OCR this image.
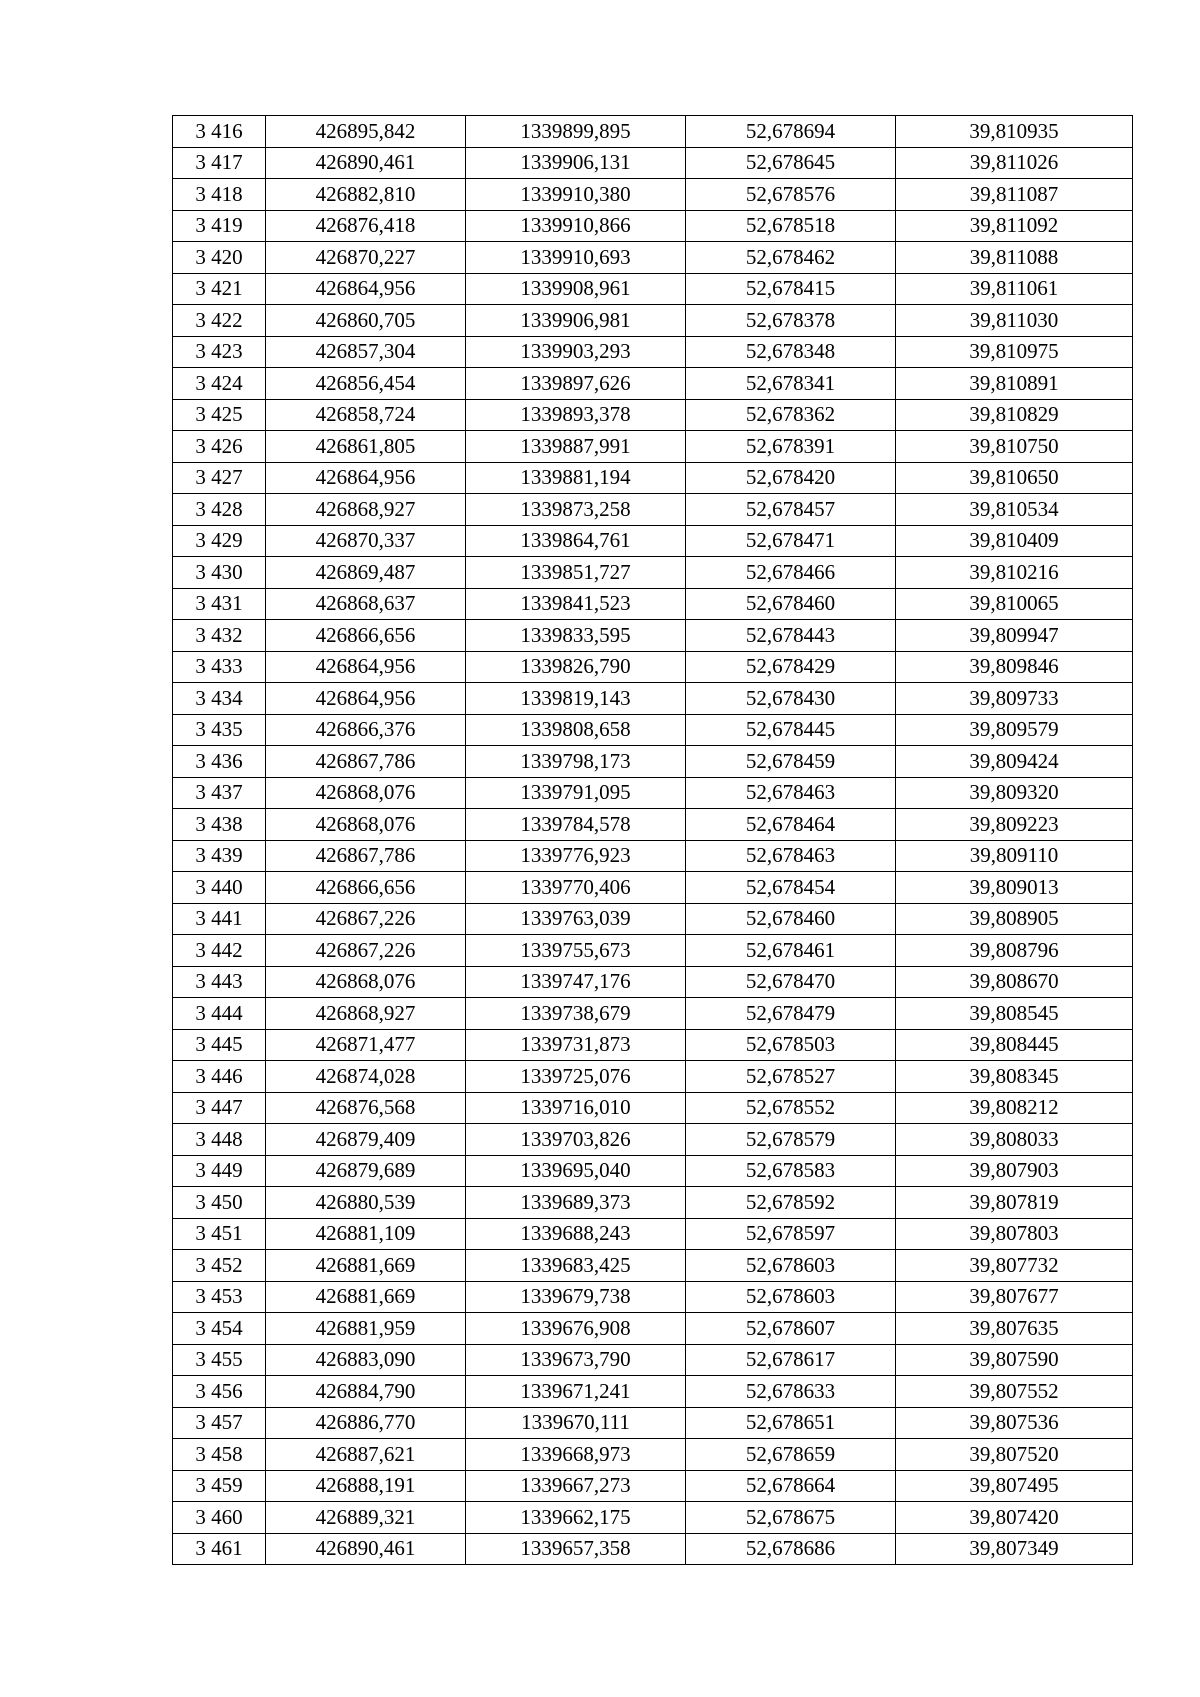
3 416	426895,842	1339899,895	52,678694	39,810935
3 417	426890,461	1339906,131	52,678645	39,811026
3 418	426882,810	1339910,380	52,678576	39,811087
3 419	426876,418	1339910,866	52,678518	39,811092
3 420	426870,227	1339910,693	52,678462	39,811088
3 421	426864,956	1339908,961	52,678415	39,811061
3 422	426860,705	1339906,981	52,678378	39,811030
3 423	426857,304	1339903,293	52,678348	39,810975
3 424	426856,454	1339897,626	52,678341	39,810891
3 425	426858,724	1339893,378	52,678362	39,810829
3 426	426861,805	1339887,991	52,678391	39,810750
3 427	426864,956	1339881,194	52,678420	39,810650
3 428	426868,927	1339873,258	52,678457	39,810534
3 429	426870,337	1339864,761	52,678471	39,810409
3 430	426869,487	1339851,727	52,678466	39,810216
3 431	426868,637	1339841,523	52,678460	39,810065
3 432	426866,656	1339833,595	52,678443	39,809947
3 433	426864,956	1339826,790	52,678429	39,809846
3 434	426864,956	1339819,143	52,678430	39,809733
3 435	426866,376	1339808,658	52,678445	39,809579
3 436	426867,786	1339798,173	52,678459	39,809424
3 437	426868,076	1339791,095	52,678463	39,809320
3 438	426868,076	1339784,578	52,678464	39,809223
3 439	426867,786	1339776,923	52,678463	39,809110
3 440	426866,656	1339770,406	52,678454	39,809013
3 441	426867,226	1339763,039	52,678460	39,808905
3 442	426867,226	1339755,673	52,678461	39,808796
3 443	426868,076	1339747,176	52,678470	39,808670
3 444	426868,927	1339738,679	52,678479	39,808545
3 445	426871,477	1339731,873	52,678503	39,808445
3 446	426874,028	1339725,076	52,678527	39,808345
3 447	426876,568	1339716,010	52,678552	39,808212
3 448	426879,409	1339703,826	52,678579	39,808033
3 449	426879,689	1339695,040	52,678583	39,807903
3 450	426880,539	1339689,373	52,678592	39,807819
3 451	426881,109	1339688,243	52,678597	39,807803
3 452	426881,669	1339683,425	52,678603	39,807732
3 453	426881,669	1339679,738	52,678603	39,807677
3 454	426881,959	1339676,908	52,678607	39,807635
3 455	426883,090	1339673,790	52,678617	39,807590
3 456	426884,790	1339671,241	52,678633	39,807552
3 457	426886,770	1339670,111	52,678651	39,807536
3 458	426887,621	1339668,973	52,678659	39,807520
3 459	426888,191	1339667,273	52,678664	39,807495
3 460	426889,321	1339662,175	52,678675	39,807420
3 461	426890,461	1339657,358	52,678686	39,807349
